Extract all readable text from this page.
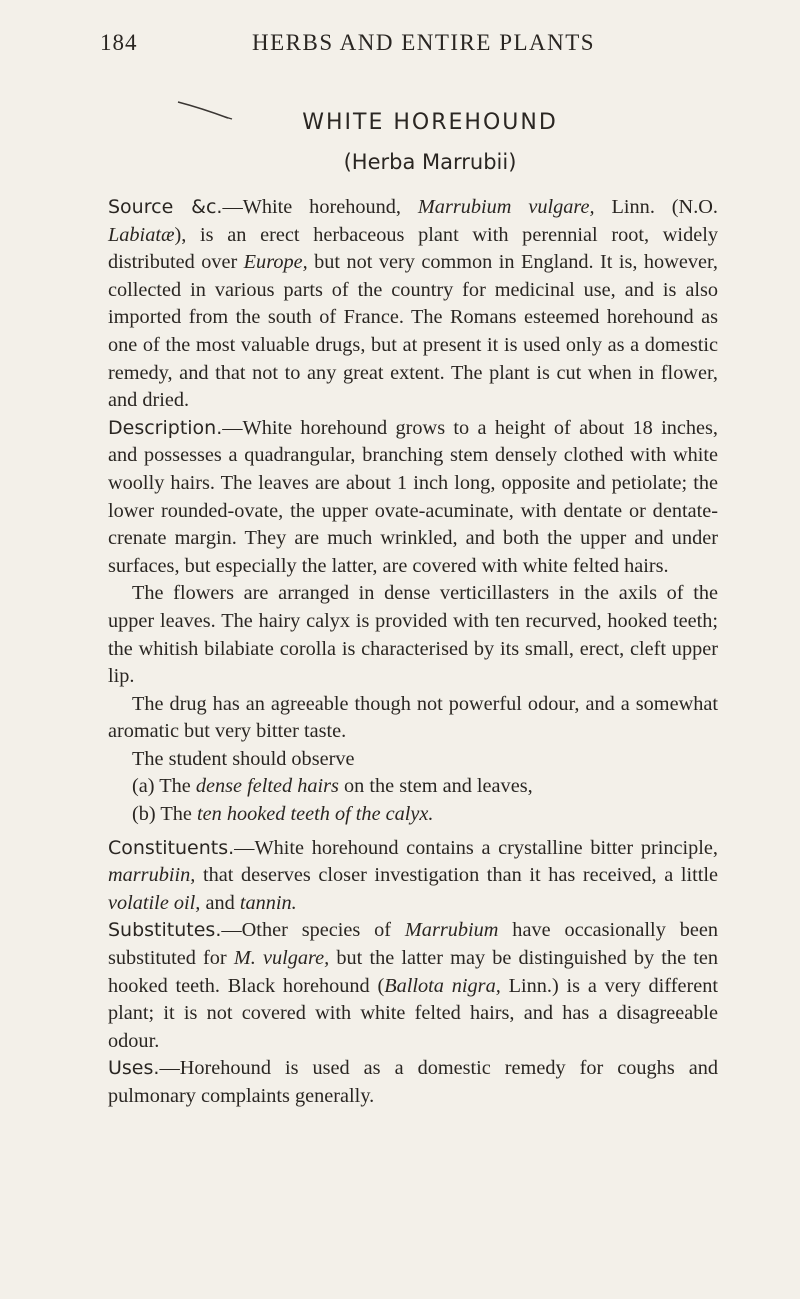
184	HERBS AND ENTIRE PLANTS
WHITE HOREHOUND
(Herba Marrubii)

Source &c.—White horehound, Marrubium vulgare, Linn. (N.O. Labiatæ), is an erect herbaceous plant with perennial root, widely distributed over Europe, but not very common in England. It is, however, collected in various parts of the country for medicinal use, and is also imported from the south of France. The Romans esteemed horehound as one of the most valuable drugs, but at present it is used only as a domestic remedy, and that not to any great extent. The plant is cut when in flower, and dried.

Description.—White horehound grows to a height of about 18 inches, and possesses a quadrangular, branching stem densely clothed with white woolly hairs. The leaves are about 1 inch long, opposite and petiolate; the lower rounded-ovate, the upper ovate-acuminate, with dentate or dentate-crenate margin. They are much wrinkled, and both the upper and under surfaces, but especially the latter, are covered with white felted hairs.

The flowers are arranged in dense verticillasters in the axils of the upper leaves. The hairy calyx is provided with ten recurved, hooked teeth; the whitish bilabiate corolla is characterised by its small, erect, cleft upper lip.

The drug has an agreeable though not powerful odour, and a somewhat aromatic but very bitter taste.

The student should observe

(a) The dense felted hairs on the stem and leaves,

(b) The ten hooked teeth of the calyx.

Constituents.—White horehound contains a crystalline bitter principle, marrubiin, that deserves closer investigation than it has received, a little volatile oil, and tannin.

Substitutes.—Other species of Marrubium have occasionally been substituted for M. vulgare, but the latter may be distinguished by the ten hooked teeth. Black horehound (Ballota nigra, Linn.) is a very different plant; it is not covered with white felted hairs, and has a disagreeable odour.

Uses.—Horehound is used as a domestic remedy for coughs and pulmonary complaints generally.
